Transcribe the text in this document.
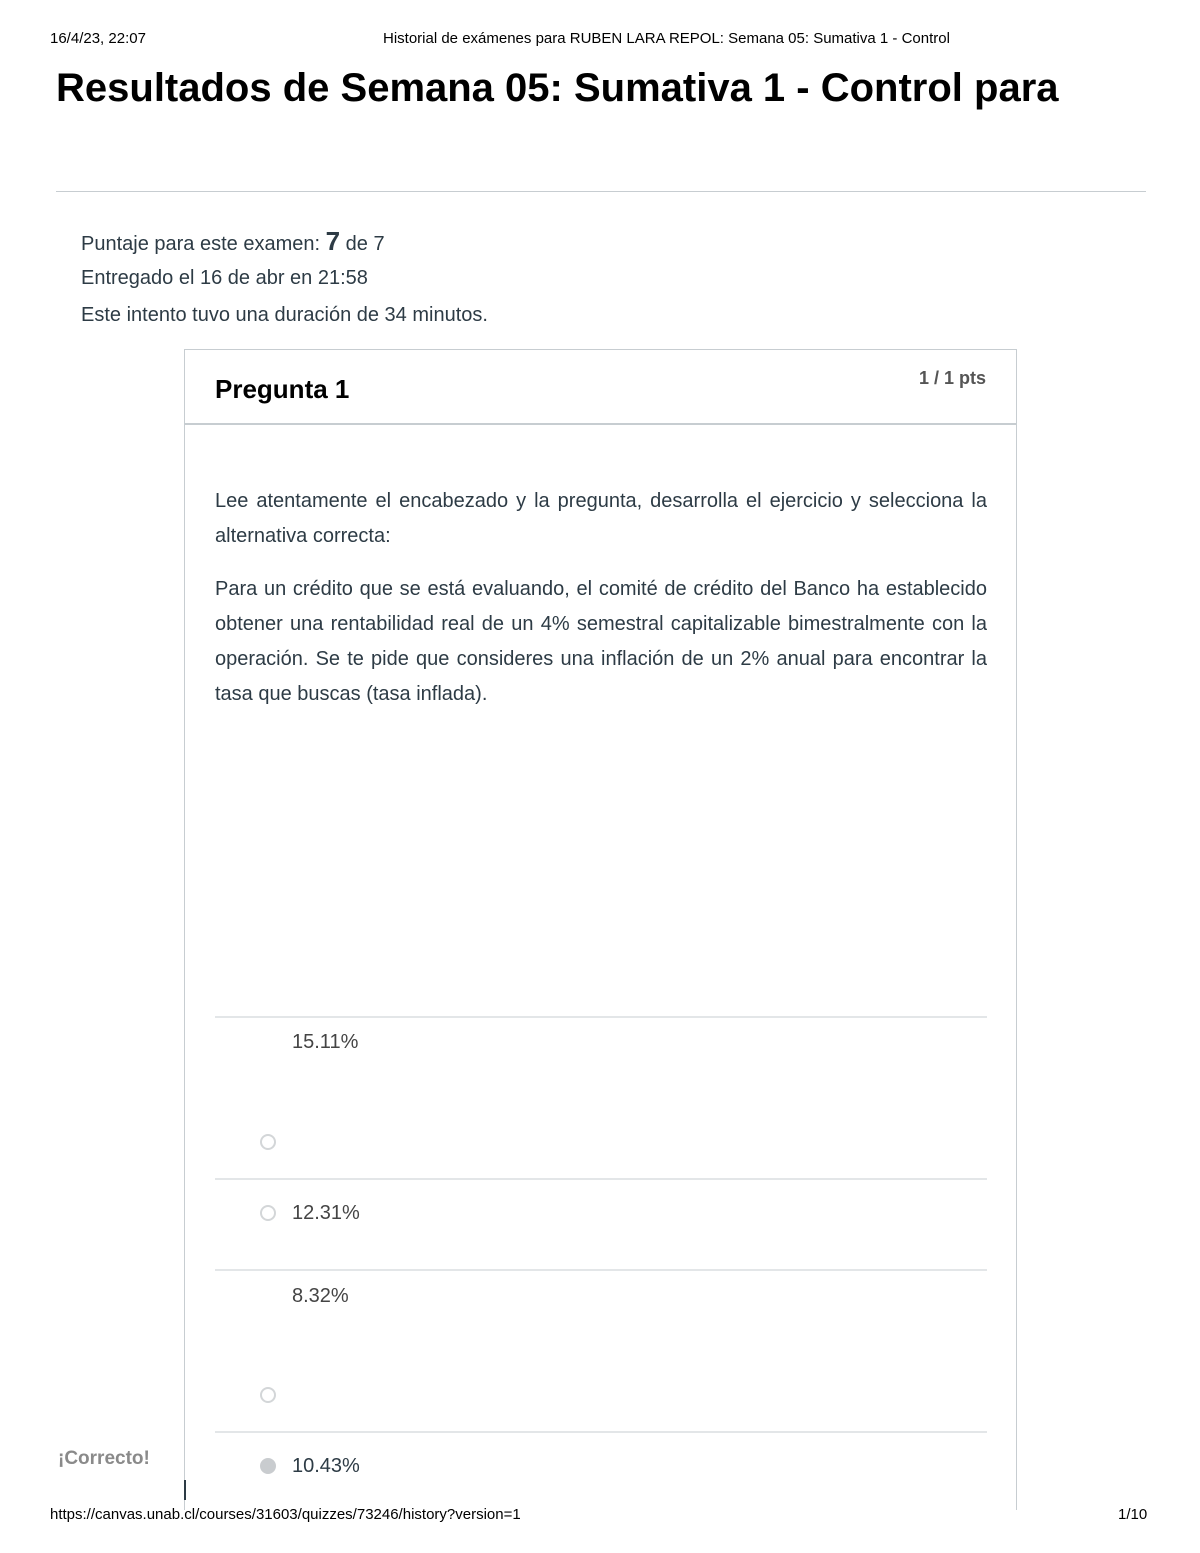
16/4/23, 22:07	Historial de exámenes para RUBEN LARA REPOL: Semana 05: Sumativa 1 - Control
Resultados de Semana 05: Sumativa 1 - Control para
Puntaje para este examen: 7 de 7
Entregado el 16 de abr en 21:58
Este intento tuvo una duración de 34 minutos.
Pregunta 1	1 / 1 pts

Lee atentamente el encabezado y la pregunta, desarrolla el ejercicio y selecciona la alternativa correcta:

Para un crédito que se está evaluando, el comité de crédito del Banco ha establecido obtener una rentabilidad real de un 4% semestral capitalizable bimestralmente con la operación. Se te pide que consideres una inflación de un 2% anual para encontrar la tasa que buscas (tasa inflada).

15.11%
12.31%
8.32%
10.43%
¡Correcto!
https://canvas.unab.cl/courses/31603/quizzes/73246/history?version=1	1/10
